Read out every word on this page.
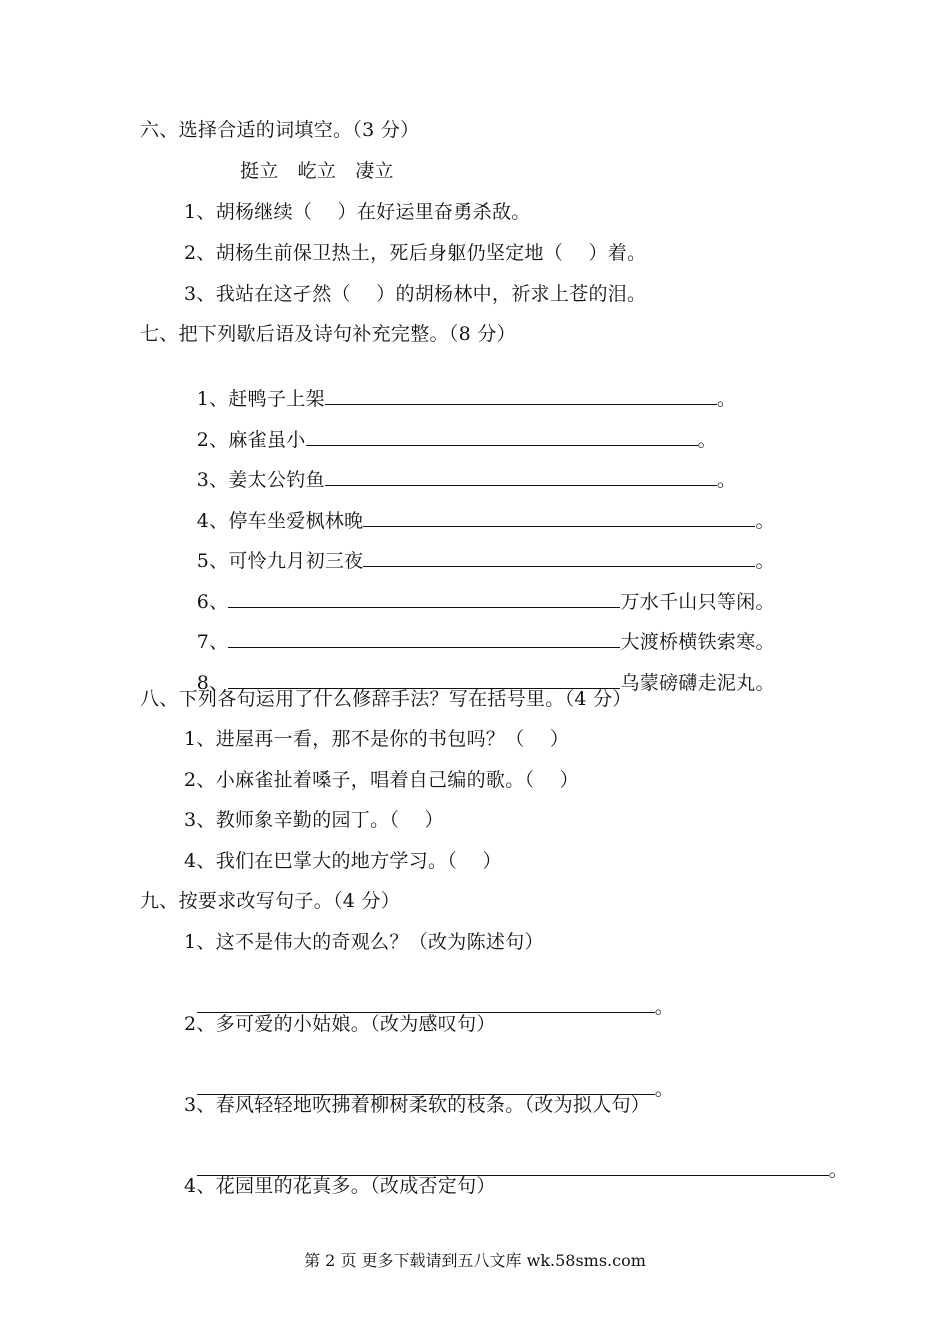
六、选择合适的词填空。（3 分）
挺立   屹立   凄立
1、胡杨继续（    ）在好运里奋勇杀敌。
2、胡杨生前保卫热土，死后身躯仍坚定地（    ）着。
3、我站在这孑然（    ）的胡杨林中，祈求上苍的泪。
七、把下列歇后语及诗句补充完整。（8 分）

1、赶鸭子上架	。

2、麻雀虽小	。

3、姜太公钓鱼	。

4、停车坐爱枫林晚	。

5、可怜九月初三夜	。

6、	万水千山只等闲。

7、	大渡桥横铁索寒。

8、	乌蒙磅礴走泥丸。

八、下列各句运用了什么修辞手法？写在括号里。（4 分）
1、进屋再一看，那不是你的书包吗？（    ）
2、小麻雀扯着嗓子，唱着自己编的歌。（    ）
3、教师象辛勤的园丁。（    ）
4、我们在巴掌大的地方学习。（    ）
九、按要求改写句子。（4 分）
1、这不是伟大的奇观么？（改为陈述句）

。

2、多可爱的小姑娘。（改为感叹句）

。

3、春风轻轻地吹拂着柳树柔软的枝条。（改为拟人句）

。

4、花园里的花真多。（改成否定句）
第 2 页 更多下载请到五八文库 wk.58sms.com
